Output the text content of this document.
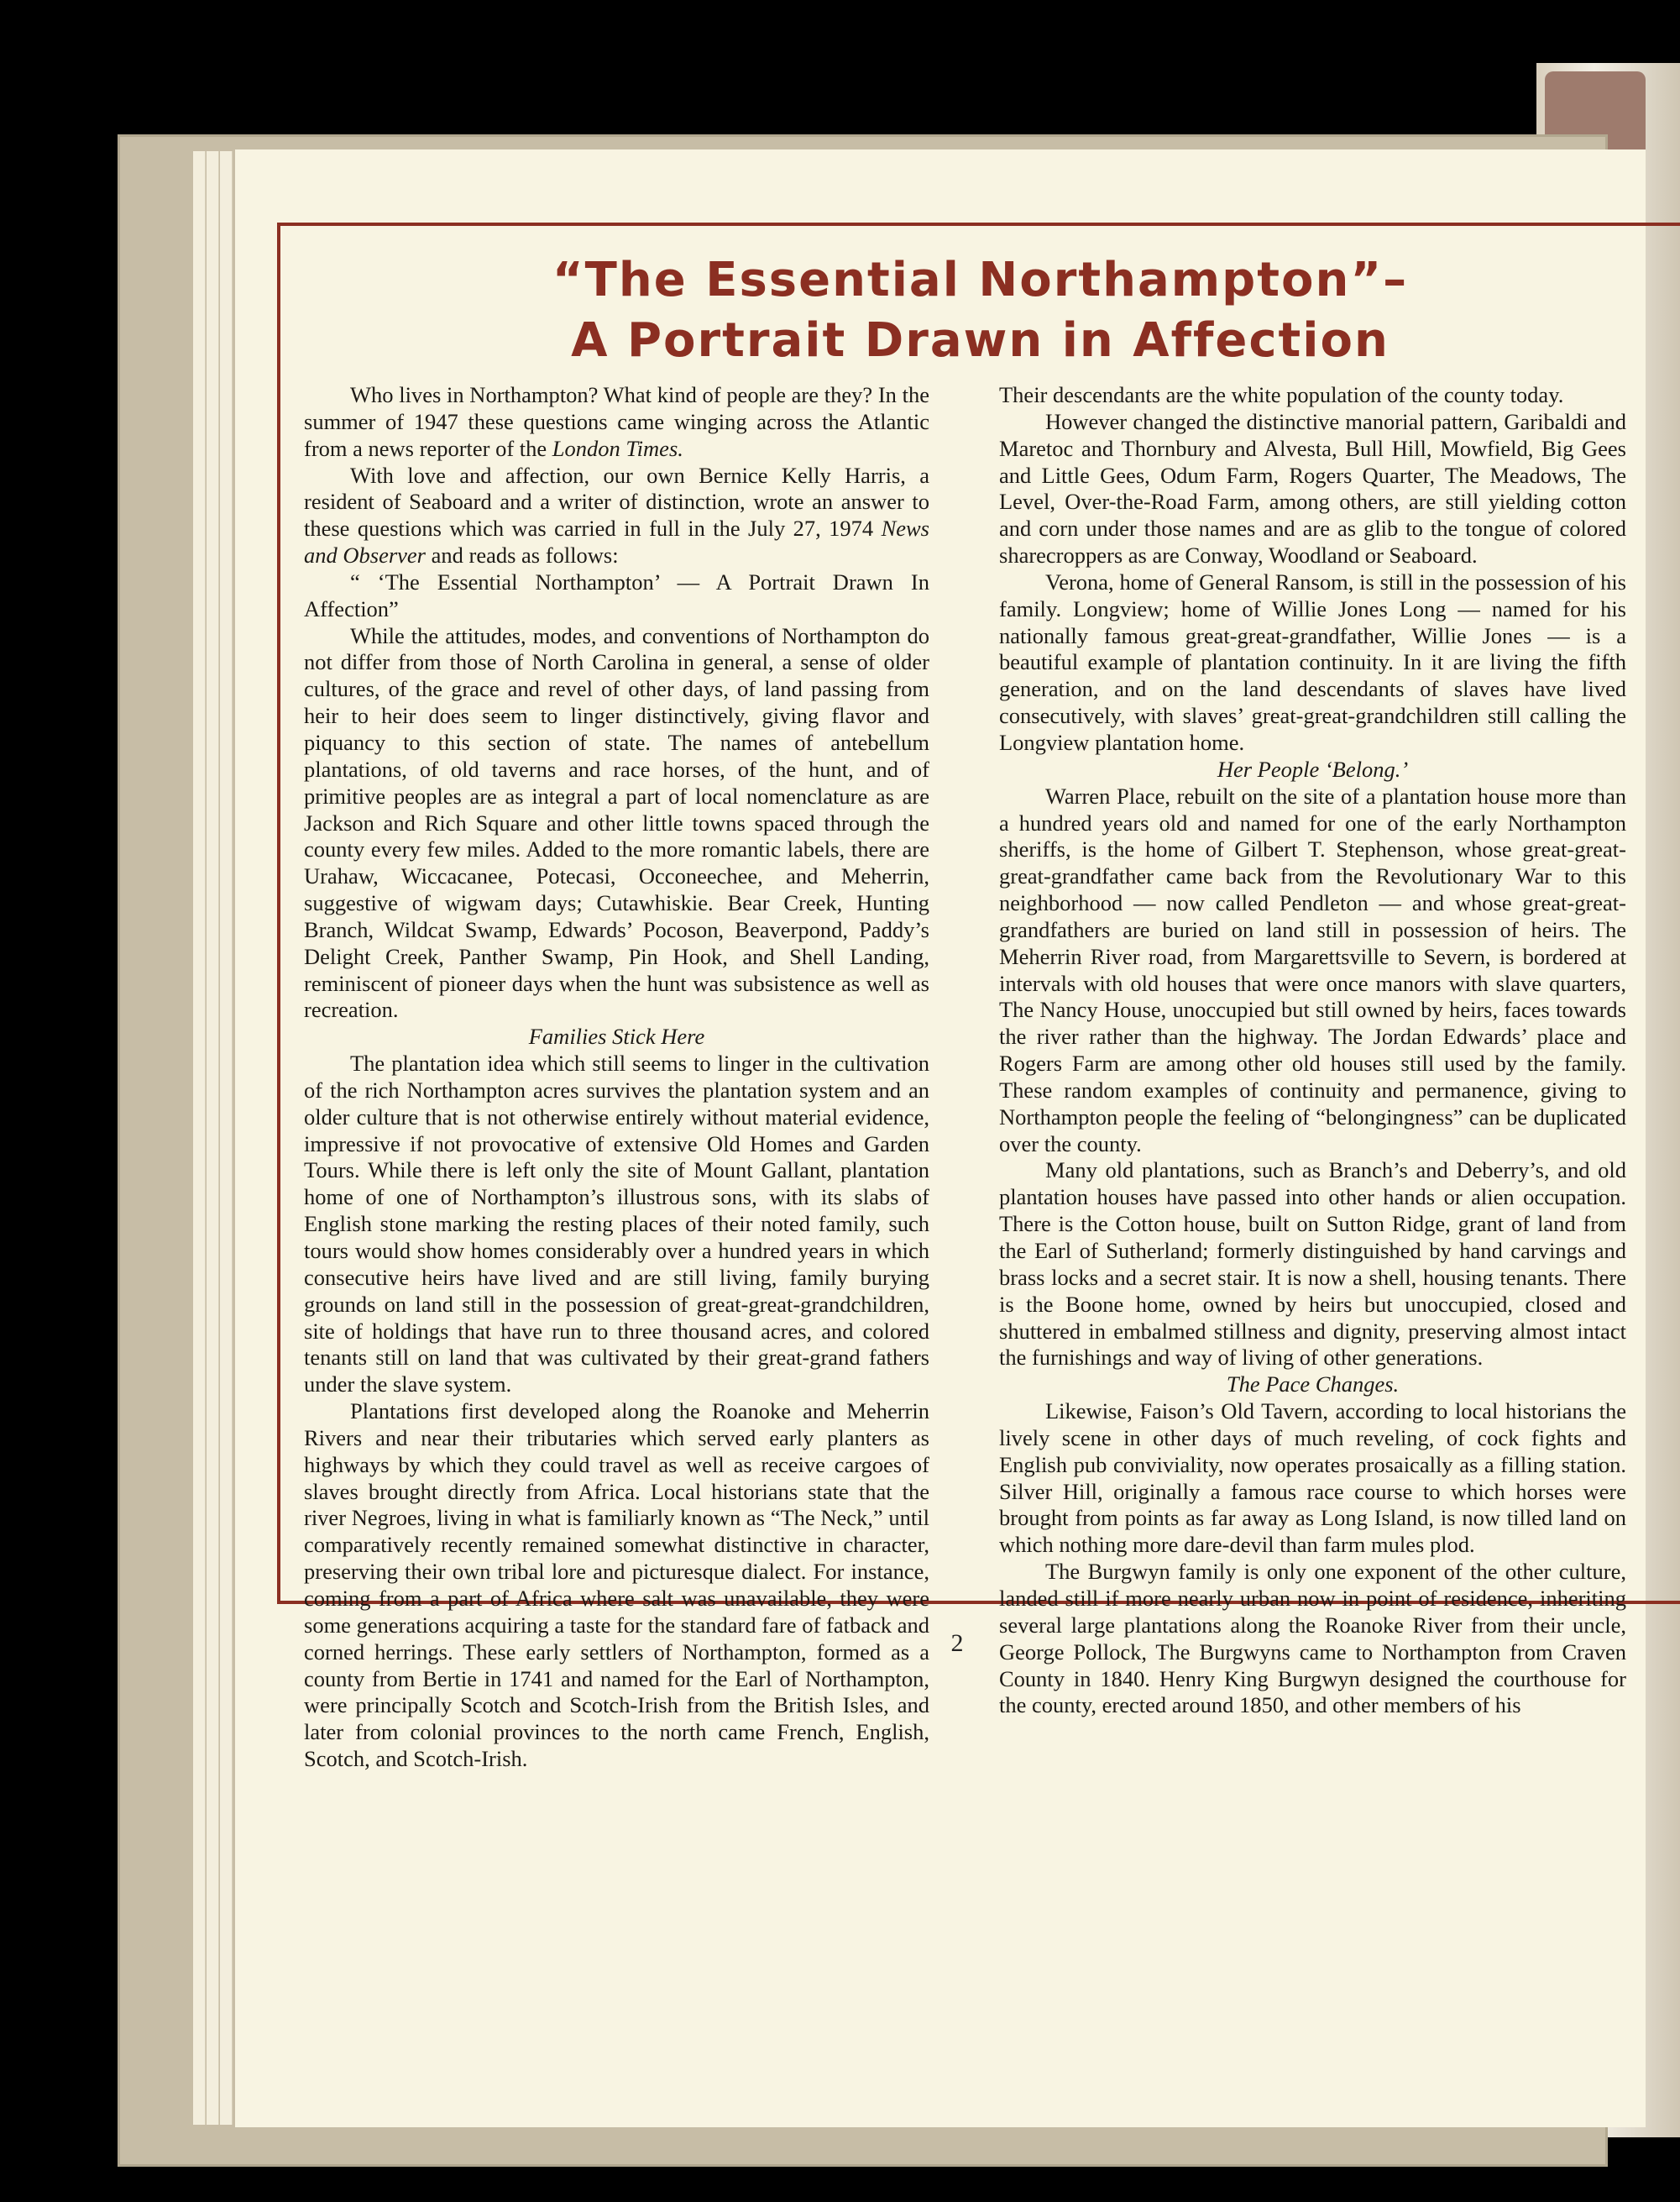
“The Essential Northampton”–
A Portrait Drawn in Affection

Who lives in Northampton? What kind of people are they? In the summer of 1947 these questions came winging across the Atlantic from a news reporter of the London Times.

With love and affection, our own Bernice Kelly Harris, a resident of Seaboard and a writer of distinction, wrote an answer to these questions which was carried in full in the July 27, 1974 News and Observer and reads as follows:

“ ‘The Essential Northampton’ — A Portrait Drawn In Affection”

While the attitudes, modes, and conventions of Northampton do not differ from those of North Carolina in general, a sense of older cultures, of the grace and revel of other days, of land passing from heir to heir does seem to linger distinctively, giving flavor and piquancy to this section of state. The names of antebellum plantations, of old taverns and race horses, of the hunt, and of primitive peoples are as integral a part of local nomenclature as are Jackson and Rich Square and other little towns spaced through the county every few miles. Added to the more romantic labels, there are Urahaw, Wiccacanee, Potecasi, Occoneechee, and Meherrin, suggestive of wigwam days; Cutawhiskie. Bear Creek, Hunting Branch, Wildcat Swamp, Edwards’ Pocoson, Beaverpond, Paddy’s Delight Creek, Panther Swamp, Pin Hook, and Shell Landing, reminiscent of pioneer days when the hunt was subsistence as well as recreation.

Families Stick Here

The plantation idea which still seems to linger in the cultivation of the rich Northampton acres survives the plantation system and an older culture that is not otherwise entirely without material evidence, impressive if not provocative of extensive Old Homes and Garden Tours. While there is left only the site of Mount Gallant, plantation home of one of Northampton’s illustrous sons, with its slabs of English stone marking the resting places of their noted family, such tours would show homes considerably over a hundred years in which consecutive heirs have lived and are still living, family burying grounds on land still in the possession of great-great-grandchildren, site of holdings that have run to three thousand acres, and colored tenants still on land that was cultivated by their great-grand fathers under the slave system.

Plantations first developed along the Roanoke and Meherrin Rivers and near their tributaries which served early planters as highways by which they could travel as well as receive cargoes of slaves brought directly from Africa. Local historians state that the river Negroes, living in what is familiarly known as “The Neck,” until comparatively recently remained somewhat distinctive in character, preserving their own tribal lore and picturesque dialect. For instance, coming from a part of Africa where salt was unavailable, they were some generations acquiring a taste for the standard fare of fatback and corned herrings. These early settlers of Northampton, formed as a county from Bertie in 1741 and named for the Earl of Northampton, were principally Scotch and Scotch-Irish from the British Isles, and later from colonial provinces to the north came French, English, Scotch, and Scotch-Irish.

Their descendants are the white population of the county today.

However changed the distinctive manorial pattern, Garibaldi and Maretoc and Thornbury and Alvesta, Bull Hill, Mowfield, Big Gees and Little Gees, Odum Farm, Rogers Quarter, The Meadows, The Level, Over-the-Road Farm, among others, are still yielding cotton and corn under those names and are as glib to the tongue of colored sharecroppers as are Conway, Woodland or Seaboard.

Verona, home of General Ransom, is still in the possession of his family. Longview; home of Willie Jones Long — named for his nationally famous great-great-grandfather, Willie Jones — is a beautiful example of plantation continuity. In it are living the fifth generation, and on the land descendants of slaves have lived consecutively, with slaves’ great-great-grandchildren still calling the Longview plantation home.

Her People ‘Belong.’

Warren Place, rebuilt on the site of a plantation house more than a hundred years old and named for one of the early Northampton sheriffs, is the home of Gilbert T. Stephenson, whose great-great-great-grandfather came back from the Revolutionary War to this neighborhood — now called Pendleton — and whose great-great-grandfathers are buried on land still in possession of heirs. The Meherrin River road, from Margarettsville to Severn, is bordered at intervals with old houses that were once manors with slave quarters, The Nancy House, unoccupied but still owned by heirs, faces towards the river rather than the highway. The Jordan Edwards’ place and Rogers Farm are among other old houses still used by the family. These random examples of continuity and permanence, giving to Northampton people the feeling of “belongingness” can be duplicated over the county.

Many old plantations, such as Branch’s and Deberry’s, and old plantation houses have passed into other hands or alien occupation. There is the Cotton house, built on Sutton Ridge, grant of land from the Earl of Sutherland; formerly distinguished by hand carvings and brass locks and a secret stair. It is now a shell, housing tenants. There is the Boone home, owned by heirs but unoccupied, closed and shuttered in embalmed stillness and dignity, preserving almost intact the furnishings and way of living of other generations.

The Pace Changes.

Likewise, Faison’s Old Tavern, according to local historians the lively scene in other days of much reveling, of cock fights and English pub conviviality, now operates prosaically as a filling station. Silver Hill, originally a famous race course to which horses were brought from points as far away as Long Island, is now tilled land on which nothing more dare-devil than farm mules plod.

The Burgwyn family is only one exponent of the other culture, landed still if more nearly urban now in point of residence, inheriting several large plantations along the Roanoke River from their uncle, George Pollock, The Burgwyns came to Northampton from Craven County in 1840. Henry King Burgwyn designed the courthouse for the county, erected around 1850, and other members of his

2
